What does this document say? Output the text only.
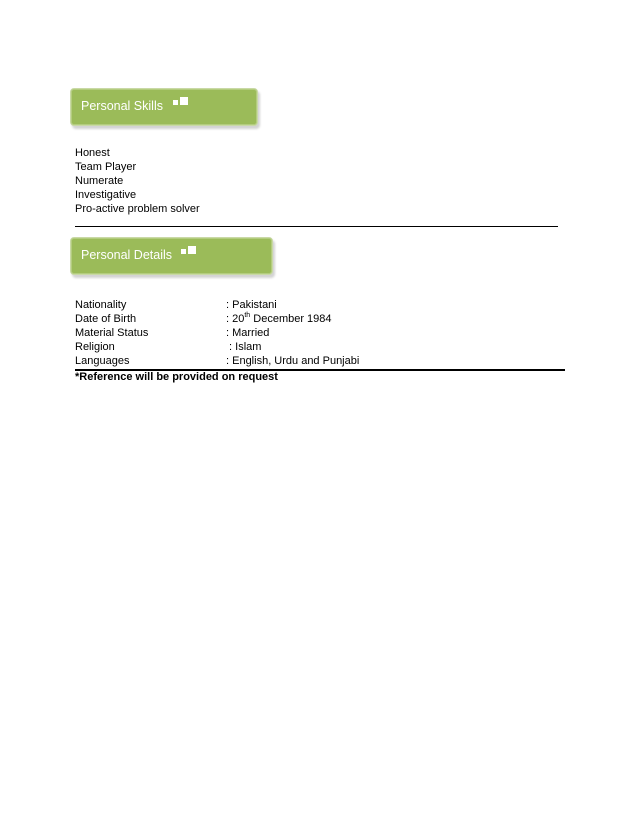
Personal Skills
Honest
Team Player
Numerate
Investigative
Pro-active problem solver
Personal Details
Nationality	: Pakistani
Date of Birth	: 20th December 1984
Material Status	: Married
Religion	: Islam
Languages	: English, Urdu and Punjabi
*Reference will be provided on request
